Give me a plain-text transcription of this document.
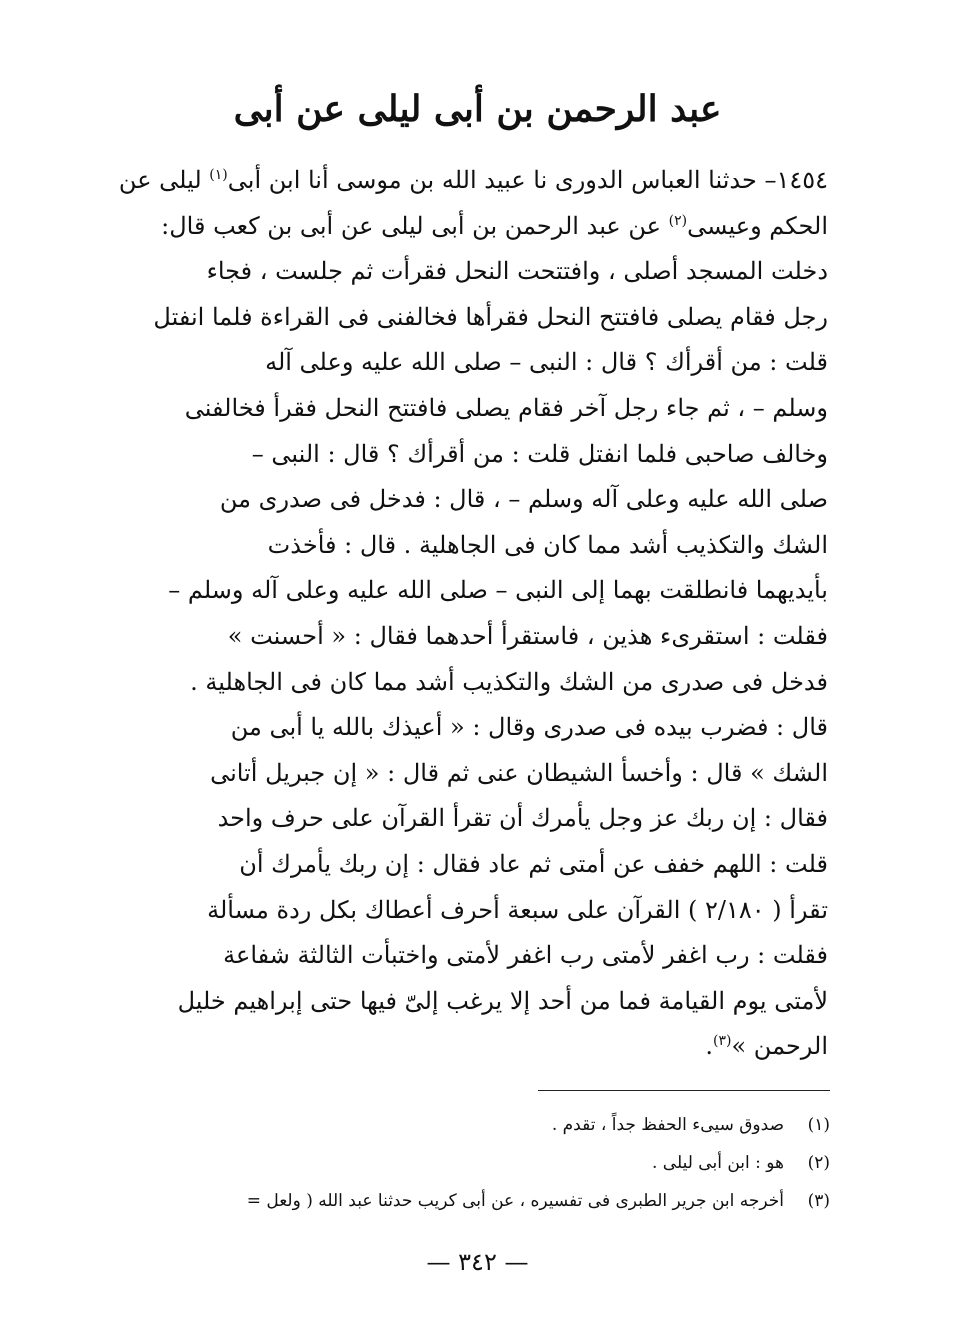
عبد الرحمن بن أبى ليلى عن أبى
١٤٥٤– حدثنا العباس الدورى نا عبيد الله بن موسى أنا ابن أبى$^{(١)}$ ليلى عن
الحكم وعيسى$^{(٢)}$ عن عبد الرحمن بن أبى ليلى عن أبى بن كعب قال:
دخلت المسجد أصلى ، وافتتحت النحل فقرأت ثم جلست ، فجاء
رجل فقام يصلى فافتتح النحل فقرأها فخالفنى فى القراءة فلما انفتل
قلت : من أقرأك ؟ قال : النبى – صلى الله عليه وعلى آله
وسلم – ، ثم جاء رجل آخر فقام يصلى فافتتح النحل فقرأ فخالفنى
وخالف صاحبى فلما انفتل قلت : من أقرأك ؟ قال : النبى –
صلى الله عليه وعلى آله وسلم – ، قال : فدخل فى صدرى من
الشك والتكذيب أشد مما كان فى الجاهلية . قال : فأخذت
بأيديهما فانطلقت بهما إلى النبى – صلى الله عليه وعلى آله وسلم –
فقلت : استقرىء هذين ، فاستقرأ أحدهما فقال : « أحسنت »
فدخل فى صدرى من الشك والتكذيب أشد مما كان فى الجاهلية .
قال : فضرب بيده فى صدرى وقال : « أعيذك بالله يا أبى من
الشك » قال : وأخسأ الشيطان عنى ثم قال : « إن جبريل أتانى
فقال : إن ربك عز وجل يأمرك أن تقرأ القرآن على حرف واحد
قلت : اللهم خفف عن أمتى ثم عاد فقال : إن ربك يأمرك أن
تقرأ ( ٢/١٨٠ ) القرآن على سبعة أحرف أعطاك بكل ردة مسألة
فقلت : رب اغفر لأمتى رب اغفر لأمتى واختبأت الثالثة شفاعة
لأمتى يوم القيامة فما من أحد إلا يرغب إلىّ فيها حتى إبراهيم خليل
الرحمن »$^{(٣)}$.
(١)صدوق سيىء الحفظ جداً ، تقدم .
(٢)هو : ابن أبى ليلى .
(٣)أخرجه ابن جرير الطبرى فى تفسيره ، عن أبى كريب حدثنا عبد الله ( ولعل =
— ٣٤٢ —
